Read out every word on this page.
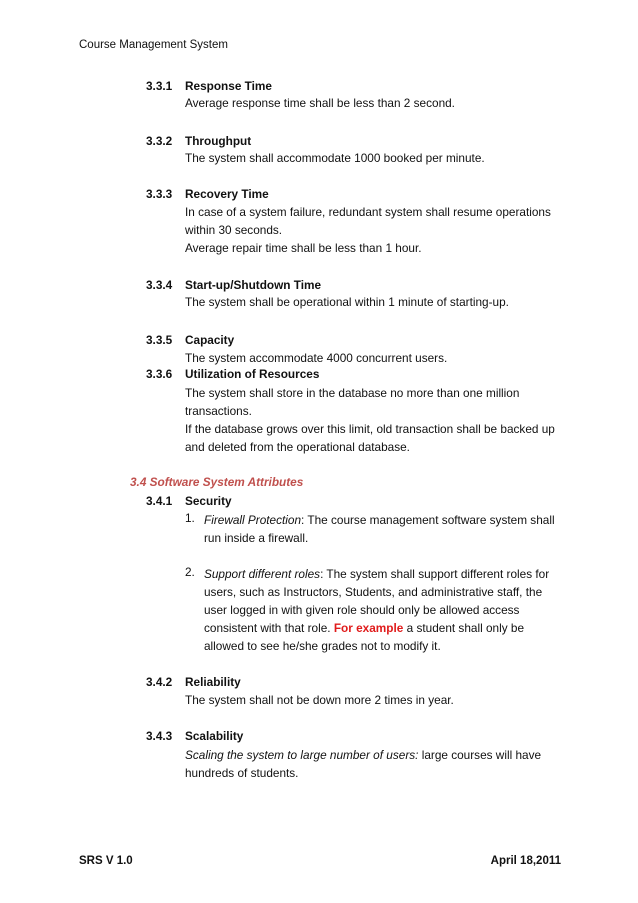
Course Management System
3.3.1 Response Time
Average response time shall be less than 2 second.
3.3.2 Throughput
The system shall accommodate 1000 booked per minute.
3.3.3 Recovery Time
In case of a system failure, redundant system shall resume operations
within 30 seconds.
Average repair time shall be less than 1 hour.
3.3.4 Start-up/Shutdown Time
The system shall be operational within 1 minute of starting-up.
3.3.5 Capacity
The system accommodate 4000 concurrent users.
3.3.6 Utilization of Resources
The system shall store in the database no more than one million
transactions.
If the database grows over this limit, old transaction shall be backed up
and deleted from the operational database.
3.4 Software System Attributes
3.4.1 Security
1. Firewall Protection: The course management software system shall
run inside a firewall.
2. Support different roles: The system shall support different roles for
users, such as Instructors, Students, and administrative staff, the
user logged in with given role should only be allowed access
consistent with that role. For example a student shall only be
allowed to see he/she grades not to modify it.
3.4.2 Reliability
The system shall not be down more 2 times in year.
3.4.3 Scalability
Scaling the system to large number of users: large courses will have
hundreds of students.
SRS V 1.0	April 18,2011
